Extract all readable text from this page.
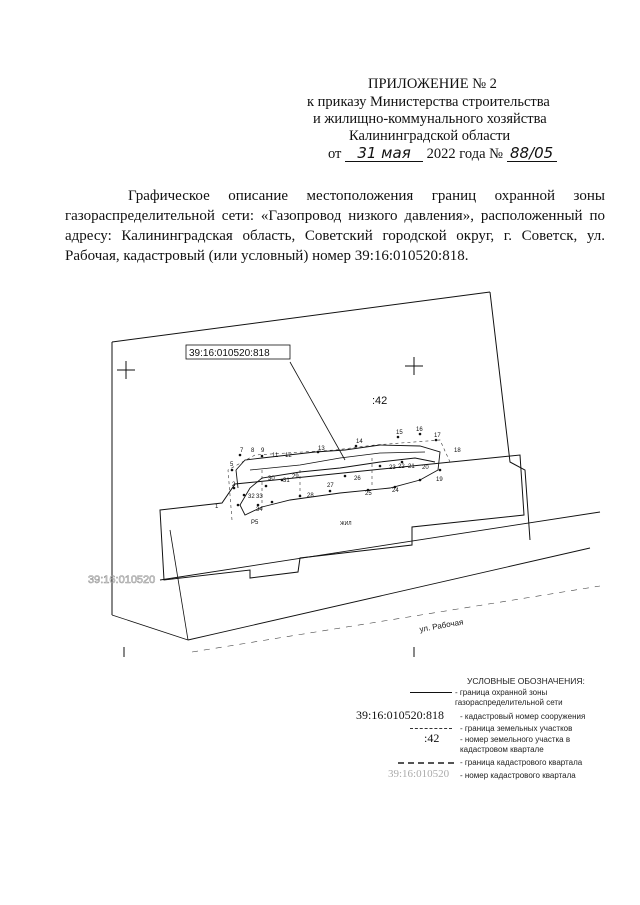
ПРИЛОЖЕНИЕ № 2
к приказу Министерства строительства
и жилищно-коммунального хозяйства
Калининградской области
от 31 мая 2022 года № 88/05
Графическое описание местоположения границ охранной зоны газораспределительной сети: «Газопровод низкого давления», расположенный по адресу: Калининградская область, Советский городской округ, г. Советск, ул. Рабочая, кадастровый (или условный) номер 39:16:010520:818.
1
2
5
7 8 9
11 12
13
14
15 16
17
18
19
20
21
22
23
24
25
26
27
28
29
31
30
33
32
34
P5
39:16:010520:818
:42
39:16:010520
ул. Рабочая
ЖИЛ
УСЛОВНЫЕ ОБОЗНАЧЕНИЯ:
- граница охранной зоны газораспределительной сети
39:16:010520:818 - кадастровый номер сооружения
- граница земельных участков
:42	- номер земельного участка в кадастровом квартале
- граница кадастрового квартала
39:16:010520 - номер кадастрового квартала
